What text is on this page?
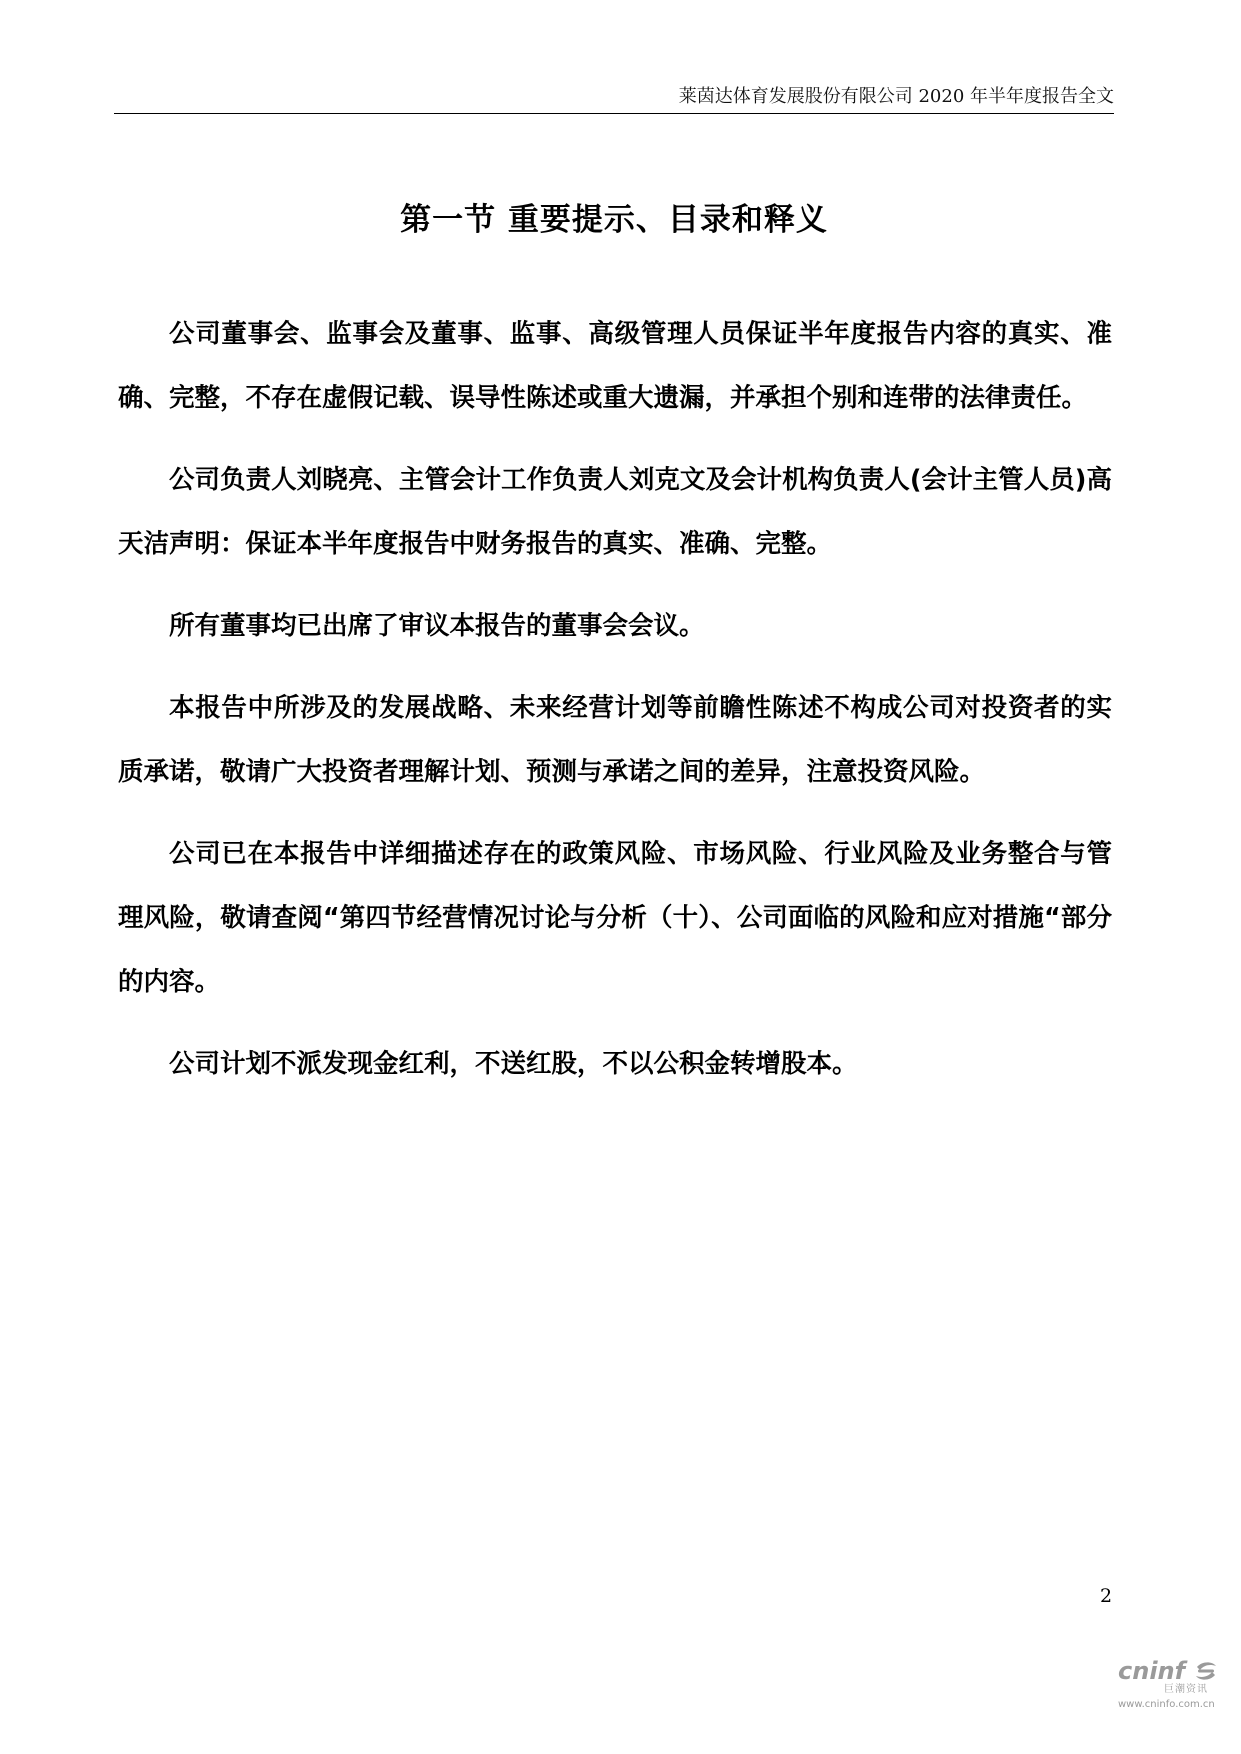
莱茵达体育发展股份有限公司 2020 年半年度报告全文
第一节 重要提示、目录和释义

公司董事会、监事会及董事、监事、高级管理人员保证半年度报告内容的真实、准确、完整，不存在虚假记载、误导性陈述或重大遗漏，并承担个别和连带的法律责任。

公司负责人刘晓亮、主管会计工作负责人刘克文及会计机构负责人(会计主管人员)高天洁声明：保证本半年度报告中财务报告的真实、准确、完整。

所有董事均已出席了审议本报告的董事会会议。

本报告中所涉及的发展战略、未来经营计划等前瞻性陈述不构成公司对投资者的实质承诺，敬请广大投资者理解计划、预测与承诺之间的差异，注意投资风险。

公司已在本报告中详细描述存在的政策风险、市场风险、行业风险及业务整合与管理风险，敬请查阅“第四节经营情况讨论与分析（十）、公司面临的风险和应对措施“部分的内容。

公司计划不派发现金红利，不送红股，不以公积金转增股本。

2
cninf
巨潮资讯
www.cninfo.com.cn
